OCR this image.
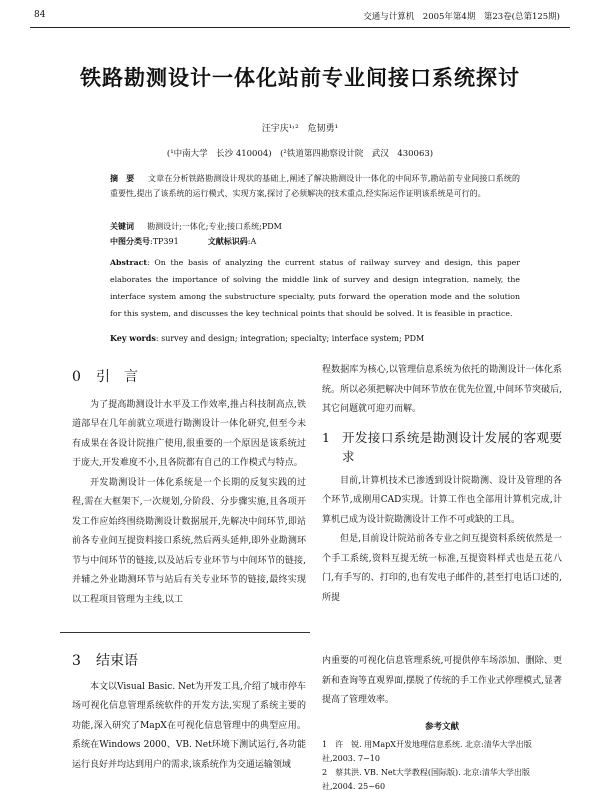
84	交通与计算机　2005年第4期　第23卷(总第125期)
铁路勘测设计一体化站前专业间接口系统探讨
汪宇庆¹˒²　危韧勇¹
(¹中南大学　长沙 410004)　(²铁道第四勘察设计院　武汉　430063)
摘　要 　 文章在分析铁路勘测设计现状的基础上,阐述了解决勘测设计一体化的中间环节,勘站前专业间接口系统的重要性,提出了该系统的运行模式、实现方案,探讨了必须解决的技术重点,经实际运作证明该系统是可行的。
关键词 　 勘测设计;一体化;专业;接口系统;PDM
中图分类号:TP391 　　　	文献标识码:A
Abstract: On the basis of analyzing the current status of railway survey and design, this paper elaborates the importance of solving the middle link of survey and design integration, namely, the interface system among the substructure specialty, puts forward the operation mode and the solution for this system, and discusses the key technical points that should be solved. It is feasible in practice.
Key words: survey and design; integration; specialty; interface system; PDM
0 引　言

为了提高勘测设计水平及工作效率,推占科技制高点,铁道部早在几年前就立项进行勘测设计一体化研究,但至今未有成果在各设计院推广使用,很重要的一个原因是该系统过于庞大,开发难度不小,且各院都有自己的工作模式与特点。

开发勘测设计一体化系统是一个长期的反复实践的过程,需在大框架下,一次规划,分阶段、分步骤实施,且各项开发工作应始终围绕勘测设计数据展开,先解决中间环节,即站前各专业间互提资料接口系统,然后两头延伸,即外业勘测环节与中间环节的链接,以及站后专业环节与中间环节的链接,并辅之外业勘测环节与站后有关专业环节的链接,最终实现以工程项目管理为主线,以工

程数据库为核心,以管理信息系统为依托的勘测设计一体化系统。所以必须把解决中间环节放在优先位置,中间环节突破后,其它问题就可迎刃而解。

1 开发接口系统是勘测设计发展的客观要求

目前,计算机技术已渗透到设计院勘测、设计及管理的各个环节,成刚用CAD实现。计算工作也全部用计算机完成,计算机已成为设计院勘测设计工作不可或缺的工具。

但是,目前设计院站前各专业之间互提资料系统依然是一个手工系统,资料互提无统一标准,互提资料样式也是五花八门,有手写的、打印的,也有发电子邮件的,甚至打电话口述的,所提

3 结束语

本文以Visual Basic. Net为开发工具,介绍了城市停车场可视化信息管理系统软件的开发方法,实现了系统主要的功能,深入研究了MapX在可视化信息管理中的典型应用。系统在Windows 2000、VB. Net环境下测试运行,各功能运行良好并均达到用户的需求,该系统作为交通运输领域

内重要的可视化信息管理系统,可提供停车场添加、删除、更新和查询等直观界面,摆脱了传统的手工作业式停理模式,显著提高了管理效率。

参考文献
1　许　锐. 用MapX开发地理信息系统. 北京:清华大学出版社,2003. 7~10
2　蔡其洪. VB. Net大学教程(国际版). 北京:清华大学出版社,2004. 25~60
